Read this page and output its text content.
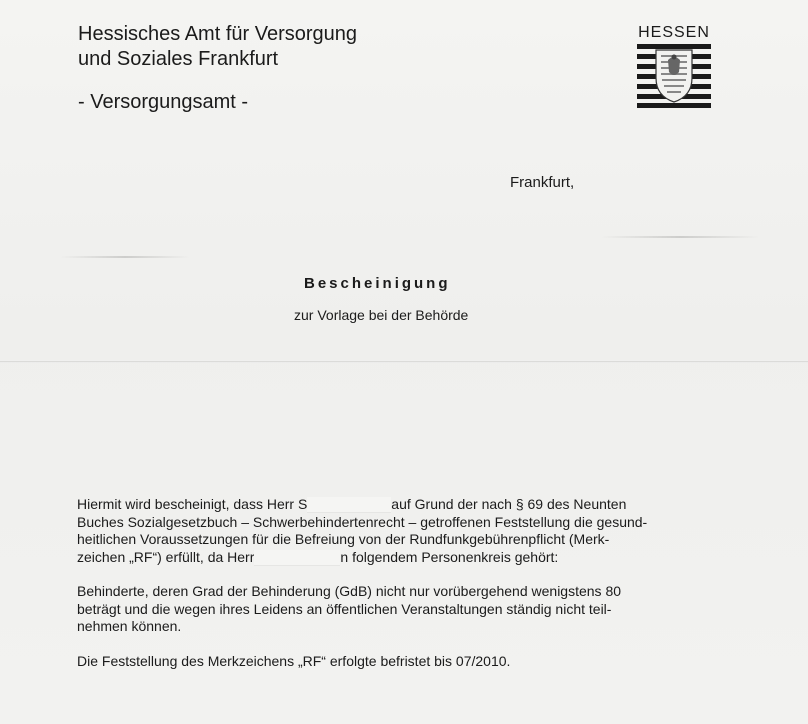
Hessisches Amt für Versorgung
und Soziales Frankfurt
- Versorgungsamt -
HESSEN
Frankfurt,
Bescheinigung
zur Vorlage bei der Behörde

Hiermit wird bescheinigt, dass Herr S	auf Grund der nach § 69 des Neunten
Buches Sozialgesetzbuch – Schwerbehindertenrecht – getroffenen Feststellung die gesund-
heitlichen Voraussetzungen für die Befreiung von der Rundfunkgebührenpflicht (Merk-
zeichen „RF“) erfüllt, da Herr	n folgendem Personenkreis gehört:

Behinderte, deren Grad der Behinderung (GdB) nicht nur vorübergehend wenigstens 80
beträgt und die wegen ihres Leidens an öffentlichen Veranstaltungen ständig nicht teil-
nehmen können.

Die Feststellung des Merkzeichens „RF“ erfolgte befristet bis 07/2010.
